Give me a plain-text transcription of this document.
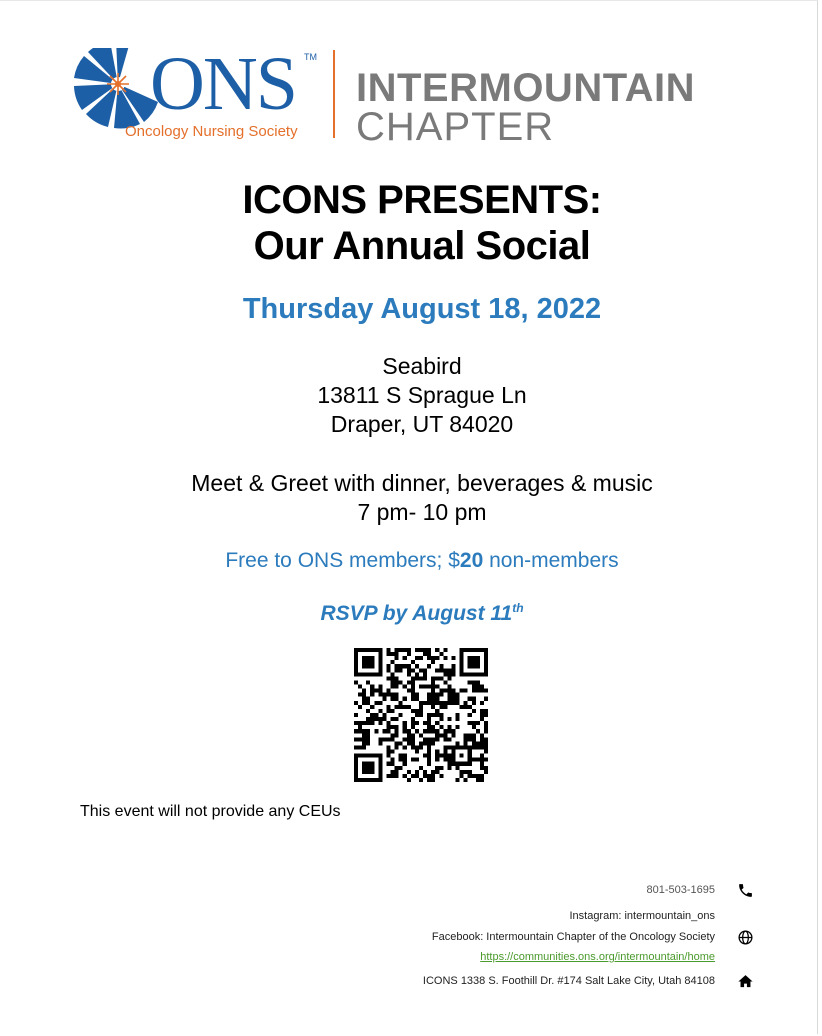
ONS TM
Oncology Nursing Society
INTERMOUNTAIN
CHAPTER
ICONS PRESENTS:
Our Annual Social
Thursday August 18, 2022
Seabird
13811 S Sprague Ln
Draper, UT 84020
Meet & Greet with dinner, beverages & music
7 pm- 10 pm
Free to ONS members; $20 non-members
RSVP by August 11th
This event will not provide any CEUs
801-503-1695
Instagram: intermountain_ons
Facebook: Intermountain Chapter of the Oncology Society
https://communities.ons.org/intermountain/home
ICONS 1338 S. Foothill Dr. #174 Salt Lake City, Utah 84108
